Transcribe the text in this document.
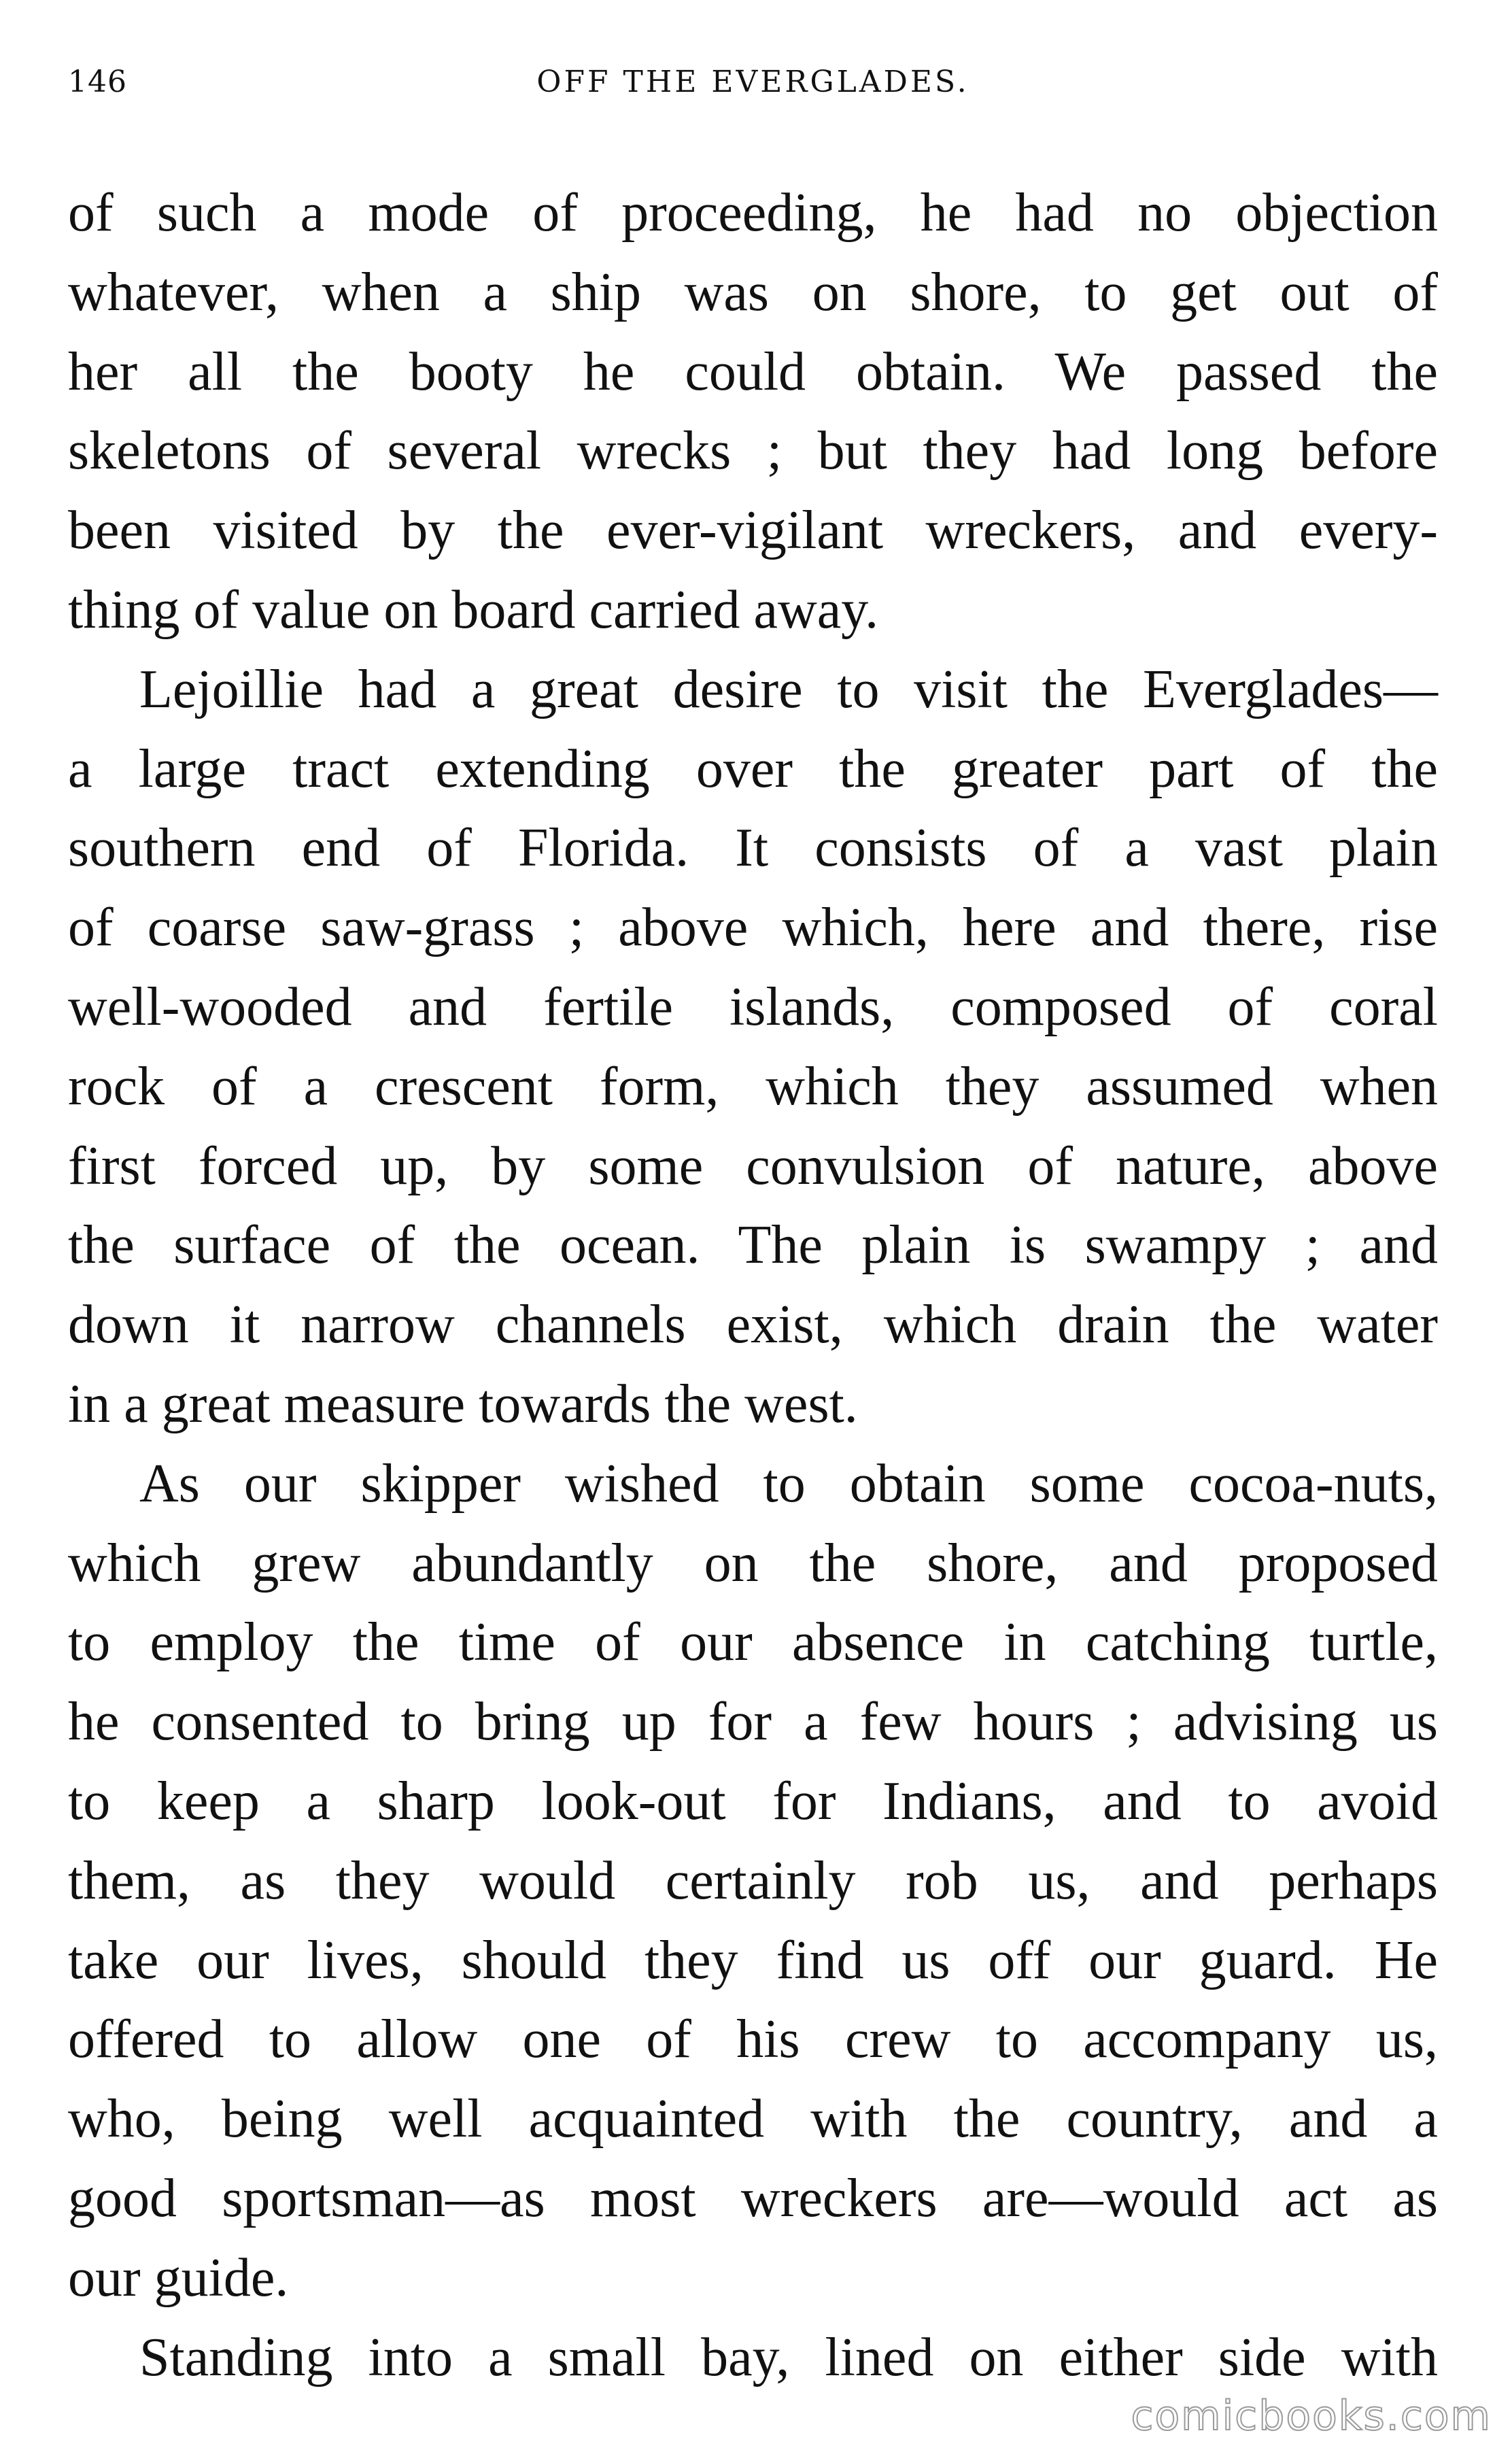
146	OFF THE EVERGLADES.
of such a mode of proceeding, he had no objection
whatever, when a ship was on shore, to get out of
her all the booty he could obtain. We passed the
skeletons of several wrecks ; but they had long before
been visited by the ever-vigilant wreckers, and every-
thing of value on board carried away.
Lejoillie had a great desire to visit the Everglades—
a large tract extending over the greater part of the
southern end of Florida. It consists of a vast plain
of coarse saw-grass ; above which, here and there, rise
well-wooded and fertile islands, composed of coral
rock of a crescent form, which they assumed when
first forced up, by some convulsion of nature, above
the surface of the ocean. The plain is swampy ; and
down it narrow channels exist, which drain the water
in a great measure towards the west.
As our skipper wished to obtain some cocoa-nuts,
which grew abundantly on the shore, and proposed
to employ the time of our absence in catching turtle,
he consented to bring up for a few hours ; advising us
to keep a sharp look-out for Indians, and to avoid
them, as they would certainly rob us, and perhaps
take our lives, should they find us off our guard. He
offered to allow one of his crew to accompany us,
who, being well acquainted with the country, and a
good sportsman—as most wreckers are—would act as
our guide.
Standing into a small bay, lined on either side with
comicbooks.com
